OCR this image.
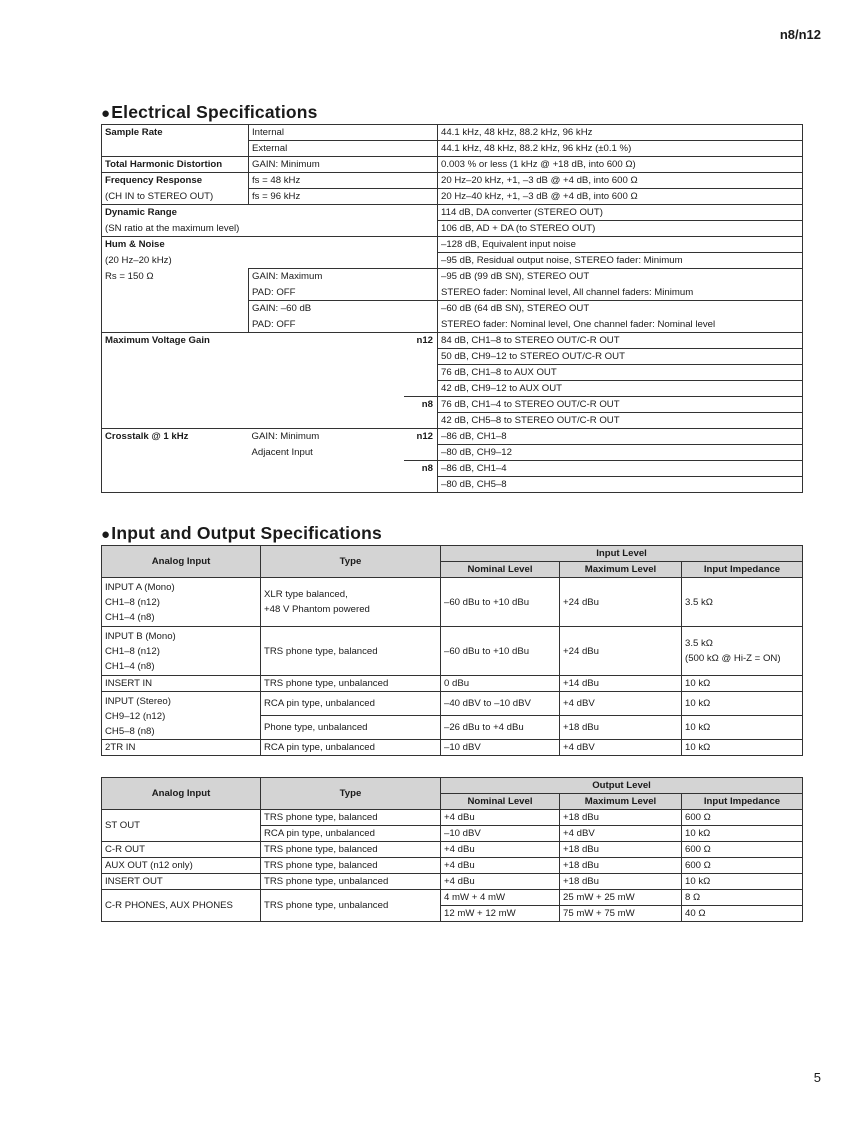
n8/n12
●Electrical Specifications
Sample Rate	Internal		44.1 kHz, 48 kHz, 88.2 kHz, 96 kHz
	External		44.1 kHz, 48 kHz, 88.2 kHz, 96 kHz (±0.1 %)
Total Harmonic Distortion	GAIN: Minimum		0.003 % or less (1 kHz @ +18 dB, into 600 Ω)
Frequency Response	fs = 48 kHz		20 Hz–20 kHz, +1, –3 dB @ +4 dB, into 600 Ω
(CH IN to STEREO OUT)	fs = 96 kHz		20 Hz–40 kHz, +1, –3 dB @ +4 dB, into 600 Ω
Dynamic Range			114 dB, DA converter (STEREO OUT)
(SN ratio at the maximum level)			106 dB, AD + DA (to STEREO OUT)
Hum & Noise			–128 dB, Equivalent input noise
(20 Hz–20 kHz)			–95 dB, Residual output noise, STEREO fader: Minimum
Rs = 150 Ω	GAIN: Maximum		–95 dB (99 dB SN), STEREO OUT
	PAD: OFF		STEREO fader: Nominal level, All channel faders: Minimum
	GAIN: –60 dB		–60 dB (64 dB SN), STEREO OUT
	PAD: OFF		STEREO fader: Nominal level, One channel fader: Nominal level
Maximum Voltage Gain		n12	84 dB, CH1–8 to STEREO OUT/C-R OUT
			50 dB, CH9–12 to STEREO OUT/C-R OUT
			76 dB, CH1–8 to AUX OUT
			42 dB, CH9–12 to AUX OUT
		n8	76 dB, CH1–4 to STEREO OUT/C-R OUT
			42 dB, CH5–8 to STEREO OUT/C-R OUT
Crosstalk @ 1 kHz	GAIN: Minimum	n12	–86 dB, CH1–8
	Adjacent Input		–80 dB, CH9–12
		n8	–86 dB, CH1–4
			–80 dB, CH5–8
●Input and Output Specifications
Analog Input	Type	Input Level		
		Nominal Level	Maximum Level	Input Impedance

INPUT A (Mono)
CH1–8 (n12)
CH1–4 (n8)	XLR type balanced,
+48 V Phantom powered	–60 dBu to +10 dBu	+24 dBu	3.5 kΩ

INPUT B (Mono)
CH1–8 (n12)
CH1–4 (n8)	TRS phone type, balanced	–60 dBu to +10 dBu	+24 dBu	3.5 kΩ
(500 kΩ @ Hi-Z = ON)

INSERT IN	TRS phone type, unbalanced	0 dBu	+14 dBu	10 kΩ

INPUT (Stereo)
CH9–12 (n12)
CH5–8 (n8)	RCA pin type, unbalanced	–40 dBV to –10 dBV	+4 dBV	10 kΩ
	Phone type, unbalanced	–26 dBu to +4 dBu	+18 dBu	10 kΩ
2TR IN	RCA pin type, unbalanced	–10 dBV	+4 dBV	10 kΩ
Analog Input	Type	Output Level		
		Nominal Level	Maximum Level	Input Impedance
ST OUT	TRS phone type, balanced	+4 dBu	+18 dBu	600 Ω
	RCA pin type, unbalanced	–10 dBV	+4 dBV	10 kΩ
C-R OUT	TRS phone type, balanced	+4 dBu	+18 dBu	600 Ω
AUX OUT (n12 only)	TRS phone type, balanced	+4 dBu	+18 dBu	600 Ω
INSERT OUT	TRS phone type, unbalanced	+4 dBu	+18 dBu	10 kΩ
C-R PHONES, AUX PHONES	TRS phone type, unbalanced	4 mW + 4 mW	25 mW + 25 mW	8 Ω
		12 mW + 12 mW	75 mW + 75 mW	40 Ω
5
